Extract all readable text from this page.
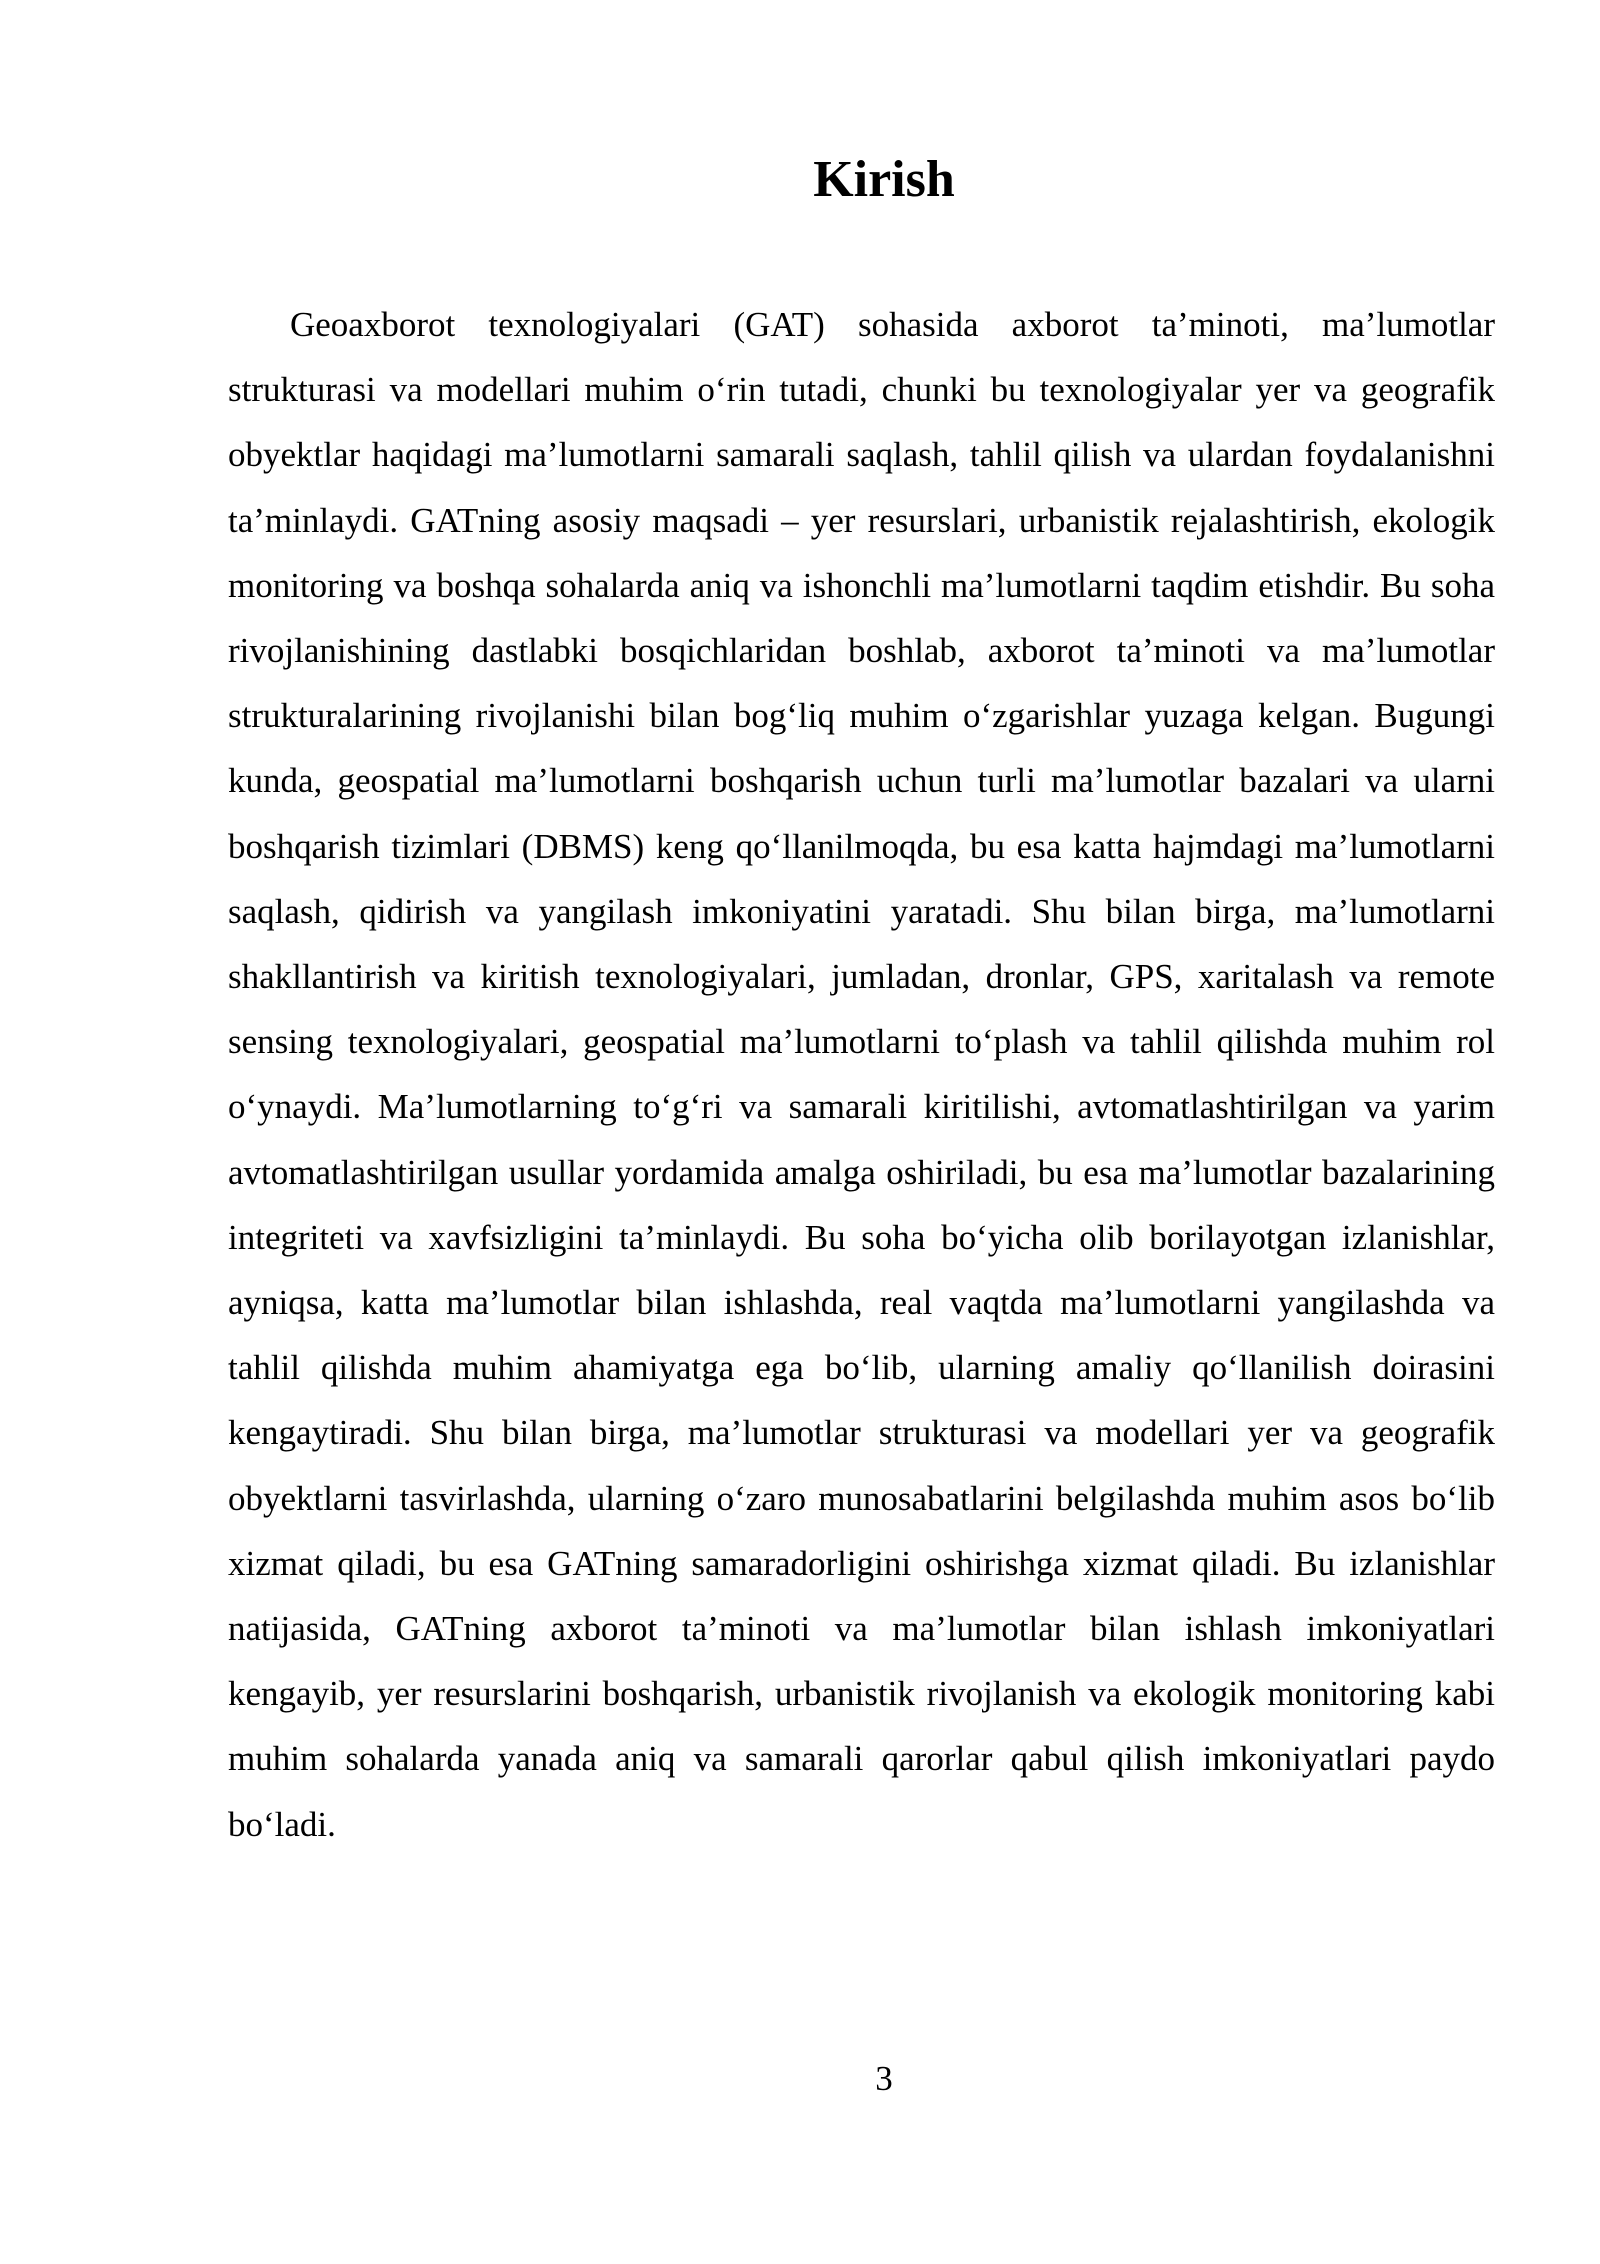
Kirish

Geoaxborot texnologiyalari (GAT) sohasida axborot ta’minoti, ma’lumotlar strukturasi va modellari muhim o‘rin tutadi, chunki bu texnologiyalar yer va geografik obyektlar haqidagi ma’lumotlarni samarali saqlash, tahlil qilish va ulardan foydalanishni ta’minlaydi. GATning asosiy maqsadi – yer resurslari, urbanistik rejalashtirish, ekologik monitoring va boshqa sohalarda aniq va ishonchli ma’lumotlarni taqdim etishdir. Bu soha rivojlanishining dastlabki bosqichlaridan boshlab, axborot ta’minoti va ma’lumotlar strukturalarining rivojlanishi bilan bog‘liq muhim o‘zgarishlar yuzaga kelgan. Bugungi kunda, geospatial ma’lumotlarni boshqarish uchun turli ma’lumotlar bazalari va ularni boshqarish tizimlari (DBMS) keng qo‘llanilmoqda, bu esa katta hajmdagi ma’lumotlarni saqlash, qidirish va yangilash imkoniyatini yaratadi. Shu bilan birga, ma’lumotlarni shakllantirish va kiritish texnologiyalari, jumladan, dronlar, GPS, xaritalash va remote sensing texnologiyalari, geospatial ma’lumotlarni to‘plash va tahlil qilishda muhim rol o‘ynaydi. Ma’lumotlarning to‘g‘ri va samarali kiritilishi, avtomatlashtirilgan va yarim avtomatlashtirilgan usullar yordamida amalga oshiriladi, bu esa ma’lumotlar bazalarining integriteti va xavfsizligini ta’minlaydi. Bu soha bo‘yicha olib borilayotgan izlanishlar, ayniqsa, katta ma’lumotlar bilan ishlashda, real vaqtda ma’lumotlarni yangilashda va tahlil qilishda muhim ahamiyatga ega bo‘lib, ularning amaliy qo‘llanilish doirasini kengaytiradi. Shu bilan birga, ma’lumotlar strukturasi va modellari yer va geografik obyektlarni tasvirlashda, ularning o‘zaro munosabatlarini belgilashda muhim asos bo‘lib xizmat qiladi, bu esa GATning samaradorligini oshirishga xizmat qiladi. Bu izlanishlar natijasida, GATning axborot ta’minoti va ma’lumotlar bilan ishlash imkoniyatlari kengayib, yer resurslarini boshqarish, urbanistik rivojlanish va ekologik monitoring kabi muhim sohalarda yanada aniq va samarali qarorlar qabul qilish imkoniyatlari paydo bo‘ladi.

3
